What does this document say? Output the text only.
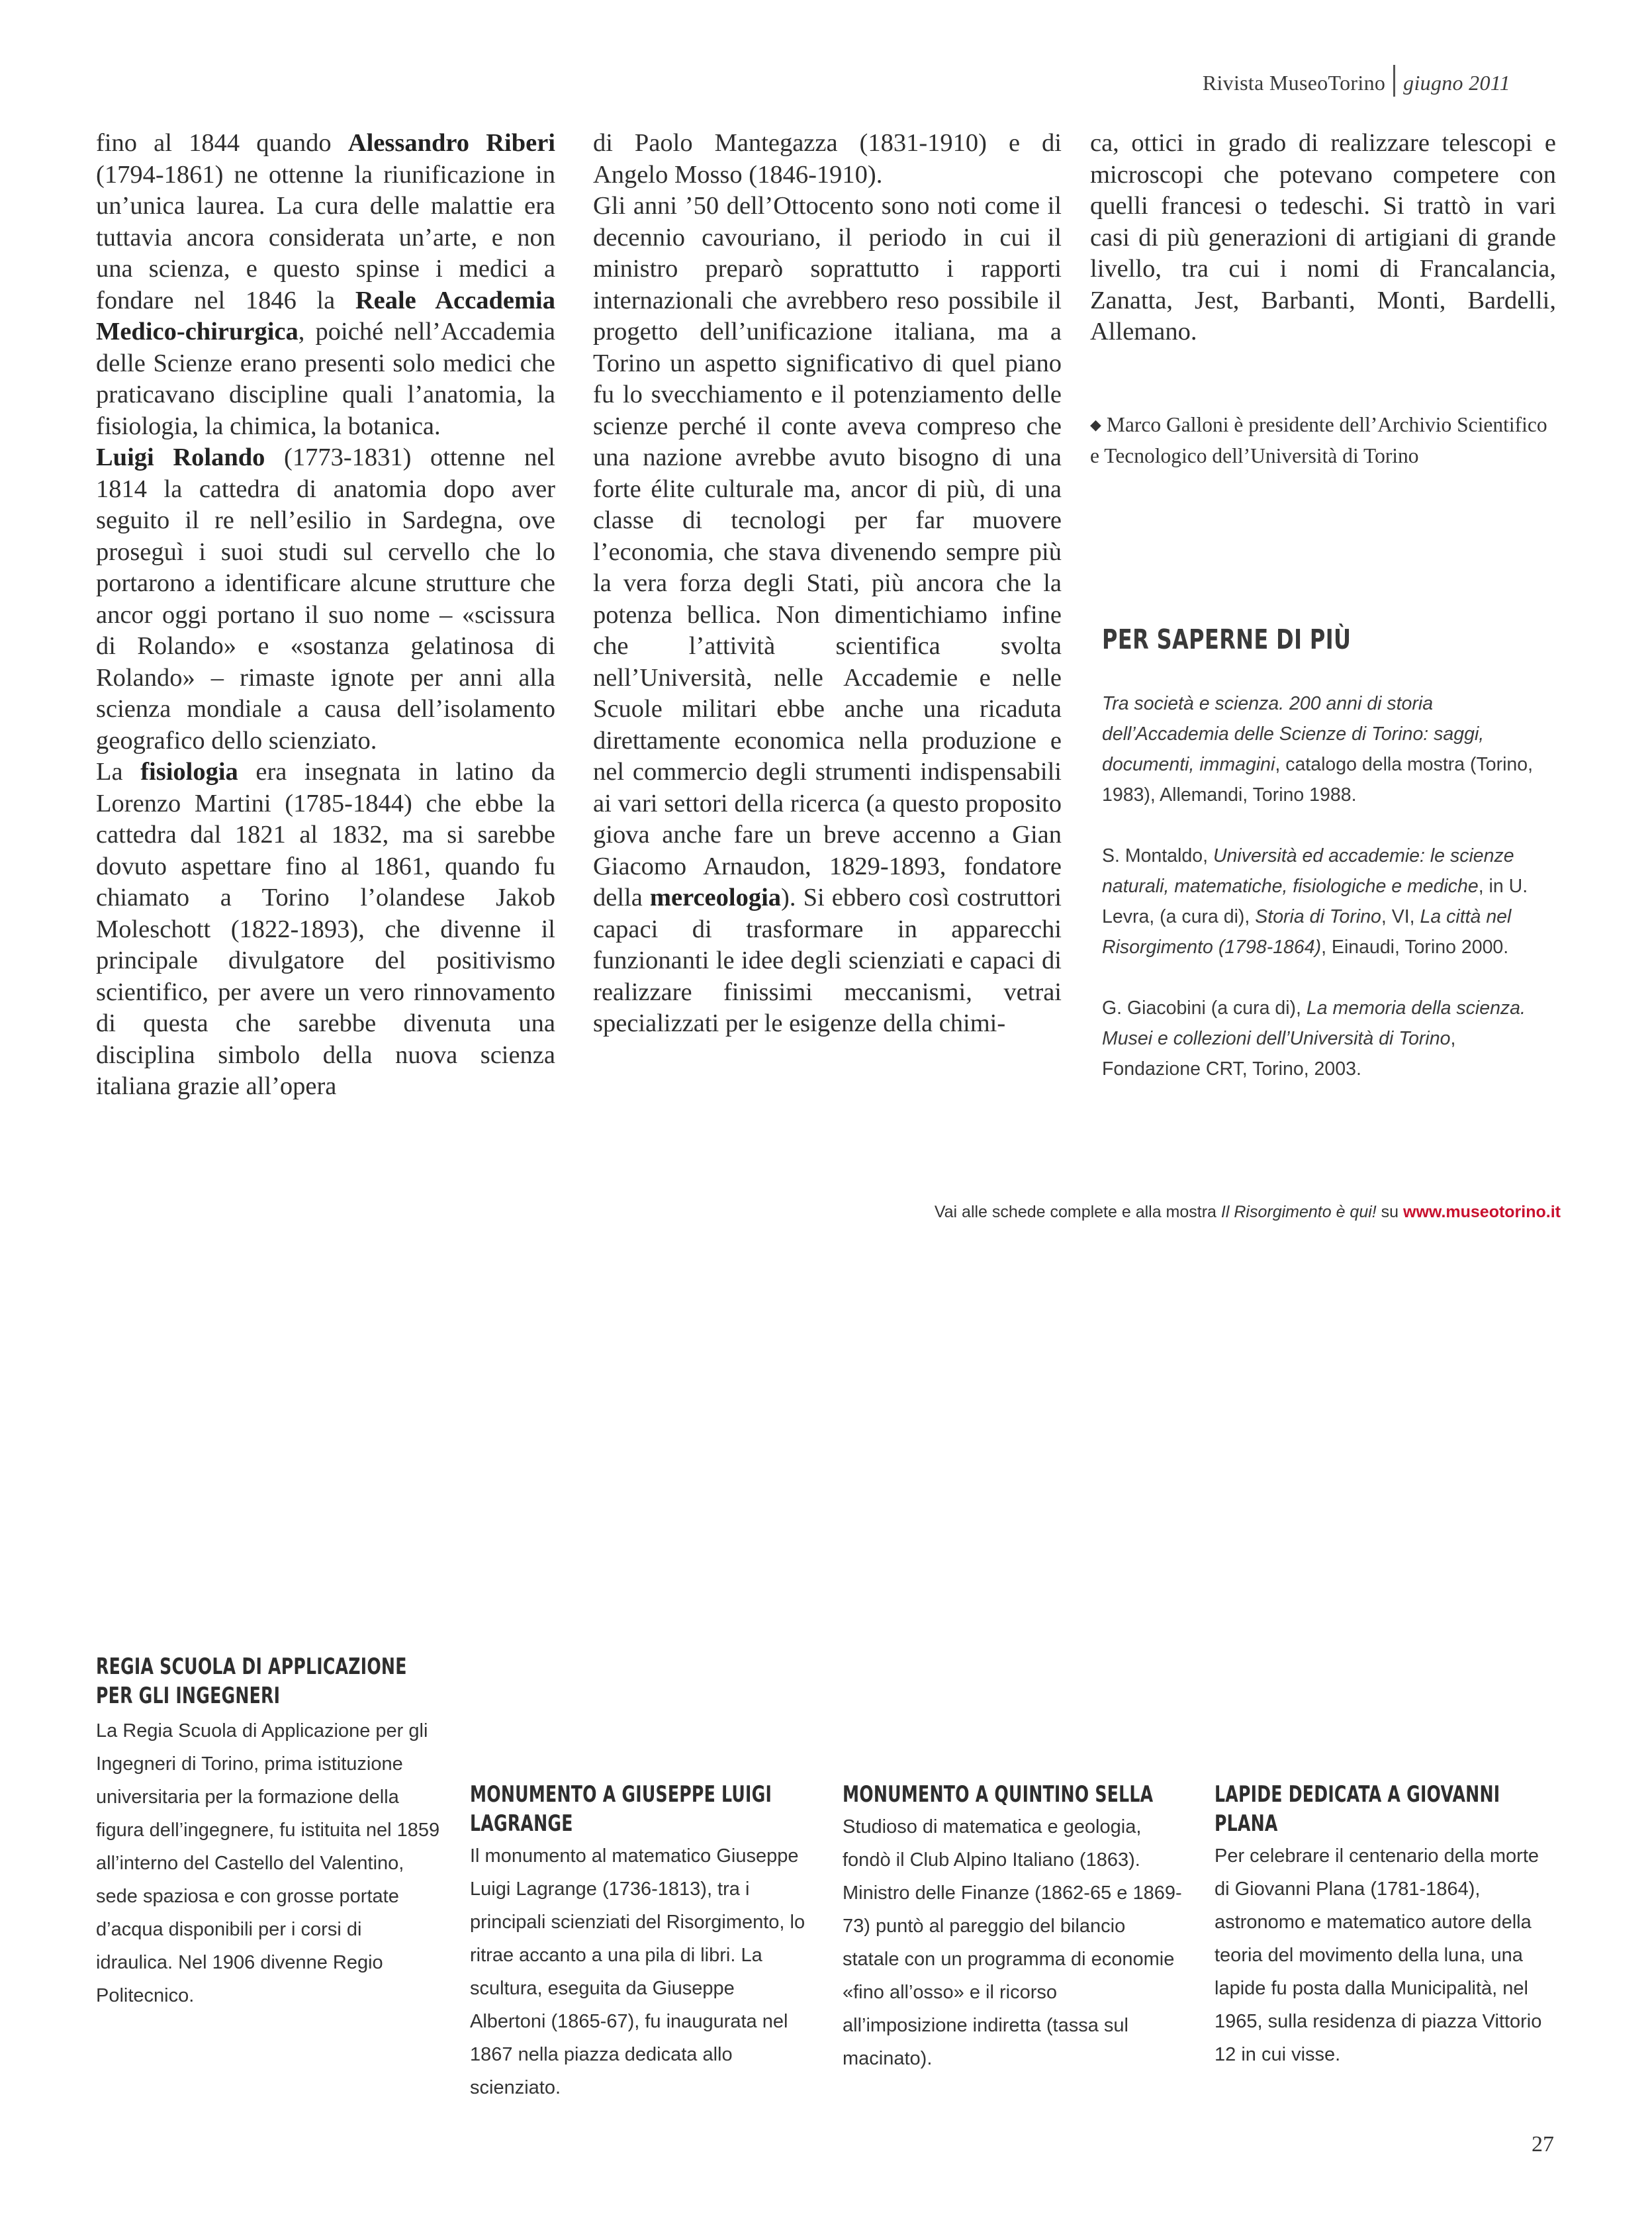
Rivista MuseoTorino giugno 2011

fino al 1844 quando Alessandro Riberi (1794-1861) ne ottenne la riunificazione in un’unica laurea. La cura delle malattie era tuttavia ancora considerata un’arte, e non una scienza, e questo spinse i medici a fondare nel 1846 la Reale Accademia Medico-chirurgica, poiché nell’Accademia delle Scienze erano presenti solo medici che praticavano discipline quali l’anatomia, la fisiologia, la chimica, la botanica.

Luigi Rolando (1773-1831) ottenne nel 1814 la cattedra di anatomia dopo aver seguito il re nell’esilio in Sardegna, ove proseguì i suoi studi sul cervello che lo portarono a identificare alcune strutture che ancor oggi portano il suo nome – «scissura di Rolando» e «sostanza gelatinosa di Rolando» – rimaste ignote per anni alla scienza mondiale a causa dell’isolamento geografico dello scienziato.

La fisiologia era insegnata in latino da Lorenzo Martini (1785-1844) che ebbe la cattedra dal 1821 al 1832, ma si sarebbe dovuto aspettare fino al 1861, quando fu chiamato a Torino l’olandese Jakob Moleschott (1822-1893), che divenne il principale divulgatore del positivismo scientifico, per avere un vero rinnovamento di questa che sarebbe divenuta una disciplina simbolo della nuova scienza italiana grazie all’opera

di Paolo Mantegazza (1831-1910) e di Angelo Mosso (1846-1910).

Gli anni ’50 dell’Ottocento sono noti come il decennio cavouriano, il periodo in cui il ministro preparò soprattutto i rapporti internazionali che avrebbero reso possibile il progetto dell’unificazione italiana, ma a Torino un aspetto significativo di quel piano fu lo svecchiamento e il potenziamento delle scienze perché il conte aveva compreso che una nazione avrebbe avuto bisogno di una forte élite culturale ma, ancor di più, di una classe di tecnologi per far muovere l’economia, che stava divenendo sempre più la vera forza degli Stati, più ancora che la potenza bellica. Non dimentichiamo infine che l’attività scientifica svolta nell’Università, nelle Accademie e nelle Scuole militari ebbe anche una ricaduta direttamente economica nella produzione e nel commercio degli strumenti indispensabili ai vari settori della ricerca (a questo proposito giova anche fare un breve accenno a Gian Giacomo Arnaudon, 1829-1893, fondatore della merceologia). Si ebbero così costruttori capaci di trasformare in apparecchi funzionanti le idee degli scienziati e capaci di realizzare finissimi meccanismi, vetrai specializzati per le esigenze della chimi-

ca, ottici in grado di realizzare telescopi e microscopi che potevano competere con quelli francesi o tedeschi. Si trattò in vari casi di più generazioni di artigiani di grande livello, tra cui i nomi di Francalancia, Zanatta, Jest, Barbanti, Monti, Bardelli, Allemano.

◆ Marco Galloni è presidente dell’Archivio Scientifico e Tecnologico dell’Università di Torino
PER SAPERNE DI PIÙ

Tra società e scienza. 200 anni di storia dell’Accademia delle Scienze di Torino: saggi, documenti, immagini, catalogo della mostra (Torino, 1983), Allemandi, Torino 1988.

S. Montaldo, Università ed accademie: le scienze naturali, matematiche, fisiologiche e mediche, in U. Levra, (a cura di), Storia di Torino, VI, La città nel Risorgimento (1798-1864), Einaudi, Torino 2000.

G. Giacobini (a cura di), La memoria della scienza. Musei e collezioni dell’Università di Torino, Fondazione CRT, Torino, 2003.

Vai alle schede complete e alla mostra Il Risorgimento è qui! su www.museotorino.it
REGIA SCUOLA DI APPLICAZIONE PER GLI INGEGNERI
La Regia Scuola di Applicazione per gli Ingegneri di Torino, prima istituzione universitaria per la formazione della figura dell’ingegnere, fu istituita nel 1859 all’interno del Castello del Valentino, sede spaziosa e con grosse portate d’acqua disponibili per i corsi di idraulica. Nel 1906 divenne Regio Politecnico.
MONUMENTO A GIUSEPPE LUIGI LAGRANGE
Il monumento al matematico Giuseppe Luigi Lagrange (1736-1813), tra i principali scienziati del Risorgimento, lo ritrae accanto a una pila di libri. La scultura, eseguita da Giuseppe Albertoni (1865-67), fu inaugurata nel 1867 nella piazza dedicata allo scienziato.
MONUMENTO A QUINTINO SELLA
Studioso di matematica e geologia, fondò il Club Alpino Italiano (1863). Ministro delle Finanze (1862-65 e 1869-73) puntò al pareggio del bilancio statale con un programma di economie «fino all’osso» e il ricorso all’imposizione indiretta (tassa sul macinato).
LAPIDE DEDICATA A GIOVANNI PLANA
Per celebrare il centenario della morte di Giovanni Plana (1781-1864), astronomo e matematico autore della teoria del movimento della luna, una lapide fu posta dalla Municipalità, nel 1965, sulla residenza di piazza Vittorio 12 in cui visse.
27
